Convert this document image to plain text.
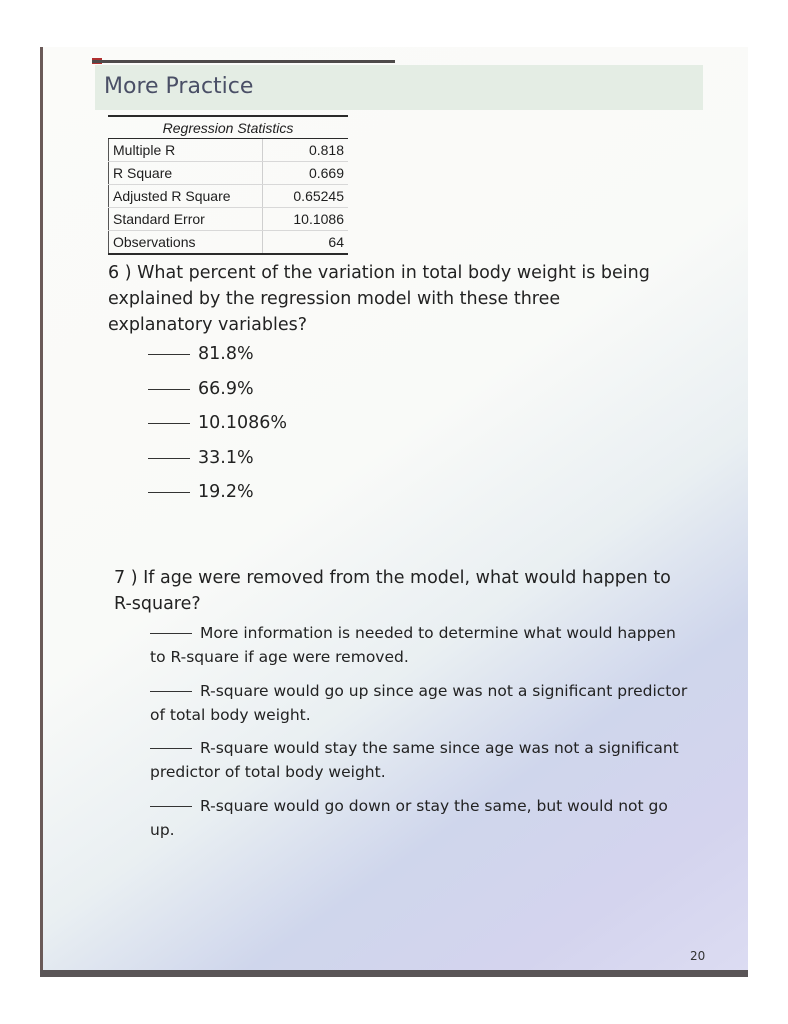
More Practice
Regression Statistics
Multiple R	0.818
R Square	0.669
Adjusted R Square	0.65245
Standard Error	10.1086
Observations	64
6 ) What percent of the variation in total body weight is being explained by the regression model with these three explanatory variables?
81.8%
66.9%
10.1086%
33.1%
19.2%
7 ) If age were removed from the model, what would happen to R-square?
More information is needed to determine what would happen to R-square if age were removed.
R-square would go up since age was not a significant predictor of total body weight.
R-square would stay the same since age was not a significant predictor of total body weight.
R-square would go down or stay the same, but would not go up.
20
